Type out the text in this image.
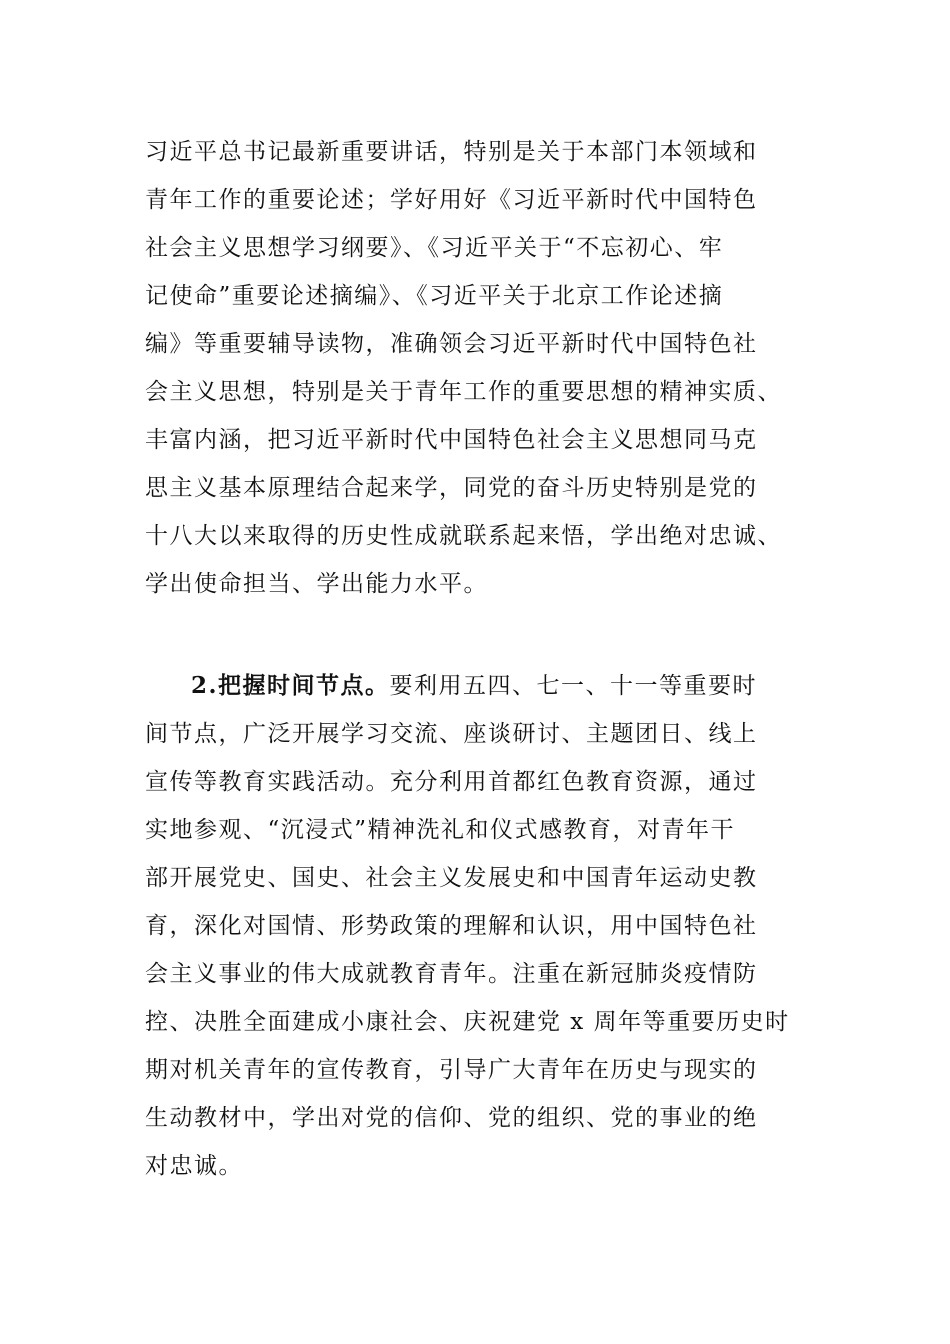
习近平总书记最新重要讲话，特别是关于本部门本领域和
青年工作的重要论述；学好用好《习近平新时代中国特色
社会主义思想学习纲要》、《习近平关于“不忘初心、牢
记使命”重要论述摘编》、《习近平关于北京工作论述摘
编》等重要辅导读物，准确领会习近平新时代中国特色社
会主义思想，特别是关于青年工作的重要思想的精神实质、
丰富内涵，把习近平新时代中国特色社会主义思想同马克
思主义基本原理结合起来学，同党的奋斗历史特别是党的
十八大以来取得的历史性成就联系起来悟，学出绝对忠诚、
学出使命担当、学出能力水平。
2.把握时间节点。要利用五四、七一、十一等重要时
间节点，广泛开展学习交流、座谈研讨、主题团日、线上
宣传等教育实践活动。充分利用首都红色教育资源，通过
实地参观、“沉浸式”精神洗礼和仪式感教育，对青年干
部开展党史、国史、社会主义发展史和中国青年运动史教
育，深化对国情、形势政策的理解和认识，用中国特色社
会主义事业的伟大成就教育青年。注重在新冠肺炎疫情防
控、决胜全面建成小康社会、庆祝建党 x 周年等重要历史时
期对机关青年的宣传教育，引导广大青年在历史与现实的
生动教材中，学出对党的信仰、党的组织、党的事业的绝
对忠诚。
